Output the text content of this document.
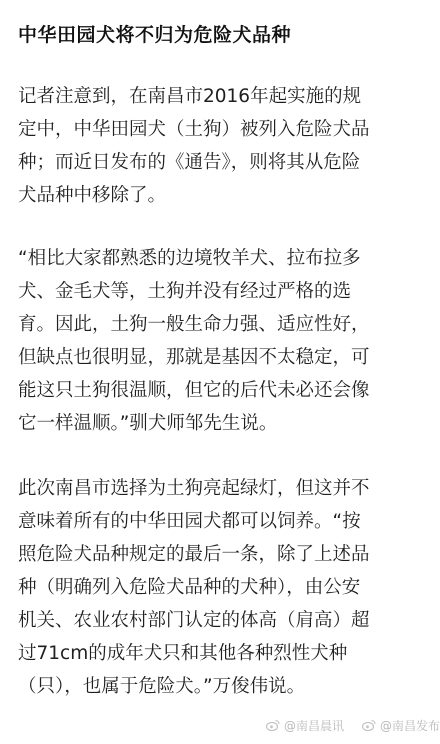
中华田园犬将不归为危险犬品种

记者注意到，在南昌市2016年起实施的规
定中，中华田园犬（土狗）被列入危险犬品
种；而近日发布的《通告》，则将其从危险
犬品种中移除了。

“相比大家都熟悉的边境牧羊犬、拉布拉多
犬、金毛犬等，土狗并没有经过严格的选
育。因此，土狗一般生命力强、适应性好，
但缺点也很明显，那就是基因不太稳定，可
能这只土狗很温顺，但它的后代未必还会像
它一样温顺。”驯犬师邹先生说。

此次南昌市选择为土狗亮起绿灯，但这并不
意味着所有的中华田园犬都可以饲养。“按
照危险犬品种规定的最后一条，除了上述品
种（明确列入危险犬品种的犬种），由公安
机关、农业农村部门认定的体高（肩高）超
过71cm的成年犬只和其他各种烈性犬种
（只），也属于危险犬。”万俊伟说。

@南昌晨讯	@南昌发布
